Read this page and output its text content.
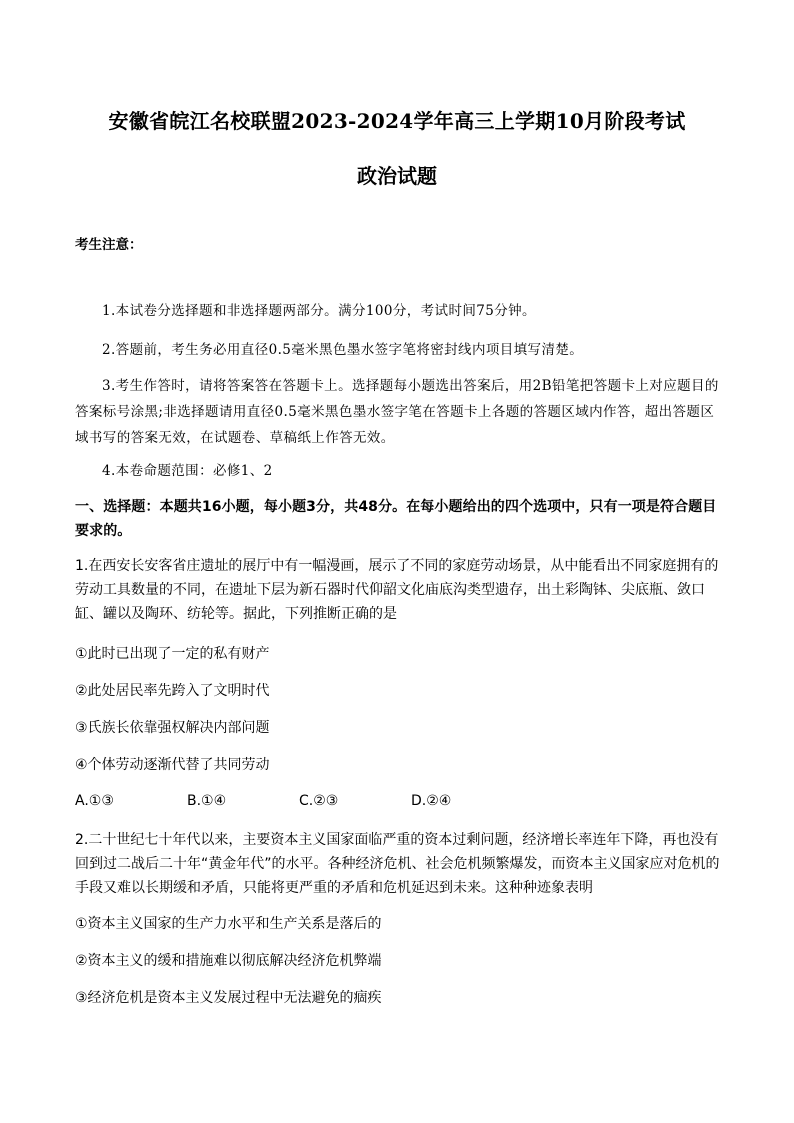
安徽省皖江名校联盟2023-2024学年高三上学期10月阶段考试
政治试题
考生注意：
1.本试卷分选择题和非选择题两部分。满分100分，考试时间75分钟。
2.答题前，考生务必用直径0.5毫米黑色墨水签字笔将密封线内项目填写清楚。
3.考生作答时，请将答案答在答题卡上。选择题每小题选出答案后，用2B铅笔把答题卡上对应题目的答案标号涂黑;非选择题请用直径0.5毫米黑色墨水签字笔在答题卡上各题的答题区域内作答，超出答题区域书写的答案无效，在试题卷、草稿纸上作答无效。
4.本卷命题范围：必修1、2
一、选择题：本题共16小题，每小题3分，共48分。在每小题给出的四个选项中，只有一项是符合题目要求的。
1.在西安长安客省庄遗址的展厅中有一幅漫画，展示了不同的家庭劳动场景，从中能看出不同家庭拥有的劳动工具数量的不同，在遗址下层为新石器时代仰韶文化庙底沟类型遗存，出土彩陶钵、尖底瓶、敛口缸、罐以及陶环、纺轮等。据此，下列推断正确的是
①此时已出现了一定的私有财产
②此处居民率先跨入了文明时代
③氏族长依靠强权解决内部问题
④个体劳动逐渐代替了共同劳动
A.①③	B.①④	C.②③	D.②④
2.二十世纪七十年代以来，主要资本主义国家面临严重的资本过剩问题，经济增长率连年下降，再也没有回到过二战后二十年“黄金年代”的水平。各种经济危机、社会危机频繁爆发，而资本主义国家应对危机的手段又难以长期缓和矛盾，只能将更严重的矛盾和危机延迟到未来。这种种迹象表明
①资本主义国家的生产力水平和生产关系是落后的
②资本主义的缓和措施难以彻底解决经济危机弊端
③经济危机是资本主义发展过程中无法避免的痼疾
